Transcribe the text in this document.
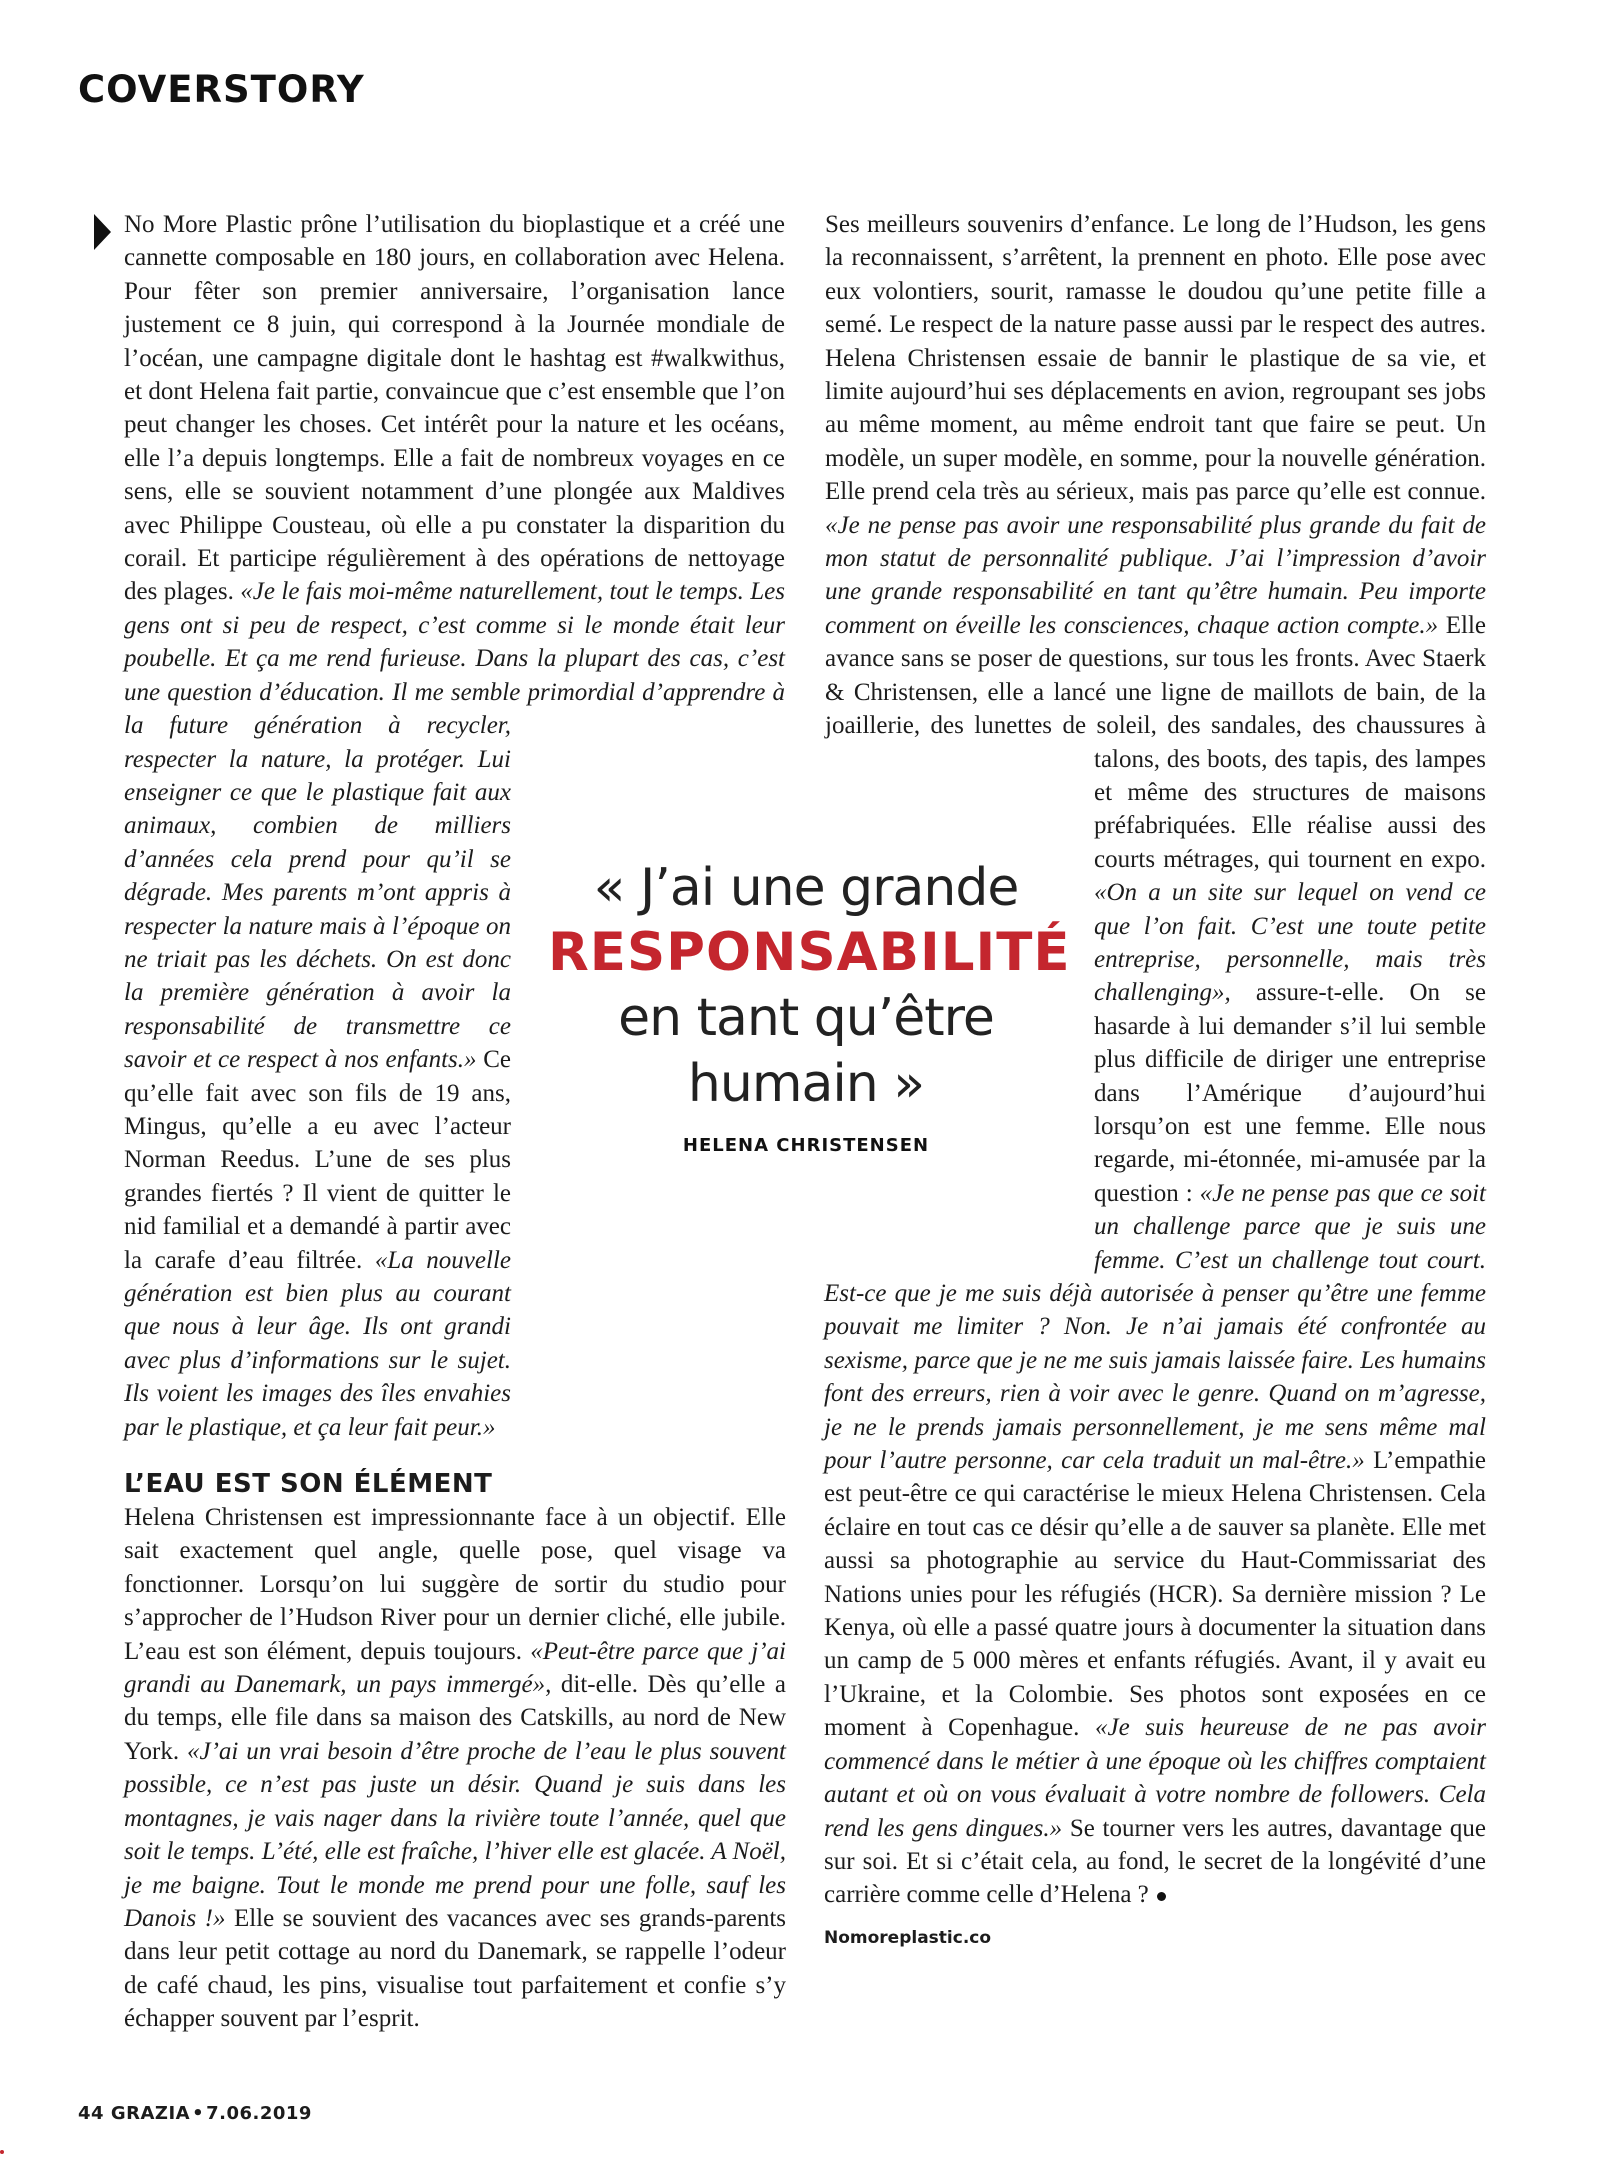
COVERSTORY

No More Plastic prône l’utilisation du bioplastique et a créé une cannette composable en 180 jours, en collaboration avec Helena. Pour fêter son premier anniversaire, l’organisation lance justement ce 8 juin, qui correspond à la Journée mondiale de l’océan, une campagne digitale dont le hashtag est #walkwithus, et dont Helena fait partie, convaincue que c’est ensemble que l’on peut changer les choses. Cet intérêt pour la nature et les océans, elle l’a depuis longtemps. Elle a fait de nombreux voyages en ce sens, elle se souvient notamment d’une plongée aux Maldives avec Philippe Cousteau, où elle a pu constater la disparition du corail. Et participe régulièrement à des opérations de nettoyage des plages. «Je le fais moi-même naturellement, tout le temps. Les gens ont si peu de respect, c’est comme si le monde était leur poubelle. Et ça me rend furieuse. Dans la plupart des cas, c’est une question d’éducation. Il me semble primordial d’apprendre à la future génération à recycler, respecter la nature, la protéger. Lui enseigner ce que le plastique fait aux animaux, combien de milliers d’années cela prend pour qu’il se dégrade. Mes parents m’ont appris à respecter la nature mais à l’époque on ne triait pas les déchets. On est donc la première génération à avoir la responsabilité de transmettre ce savoir et ce respect à nos enfants.» Ce qu’elle fait avec son fils de 19 ans, Mingus, qu’elle a eu avec l’acteur Norman Reedus. L’une de ses plus grandes fiertés ? Il vient de quitter le nid familial et a demandé à partir avec la carafe d’eau filtrée. «La nouvelle génération est bien plus au courant que nous à leur âge. Ils ont grandi avec plus d’informations sur le sujet. Ils voient les images des îles envahies par le plastique, et ça leur fait peur.»

L’EAU EST SON ÉLÉMENT

Helena Christensen est impressionnante face à un objectif. Elle sait exactement quel angle, quelle pose, quel visage va fonctionner. Lorsqu’on lui suggère de sortir du studio pour s’approcher de l’Hudson River pour un dernier cliché, elle jubile. L’eau est son élément, depuis toujours. «Peut-être parce que j’ai grandi au Danemark, un pays immergé», dit-elle. Dès qu’elle a du temps, elle file dans sa maison des Catskills, au nord de New York. «J’ai un vrai besoin d’être proche de l’eau le plus souvent possible, ce n’est pas juste un désir. Quand je suis dans les montagnes, je vais nager dans la rivière toute l’année, quel que soit le temps. L’été, elle est fraîche, l’hiver elle est glacée. A Noël, je me baigne. Tout le monde me prend pour une folle, sauf les Danois !» Elle se souvient des vacances avec ses grands-parents dans leur petit cottage au nord du Danemark, se rappelle l’odeur de café chaud, les pins, visualise tout parfaitement et confie s’y échapper souvent par l’esprit.

Ses meilleurs souvenirs d’enfance. Le long de l’Hudson, les gens la reconnaissent, s’arrêtent, la prennent en photo. Elle pose avec eux volontiers, sourit, ramasse le doudou qu’une petite fille a semé. Le respect de la nature passe aussi par le respect des autres. Helena Christensen essaie de bannir le plastique de sa vie, et limite aujourd’hui ses déplacements en avion, regroupant ses jobs au même moment, au même endroit tant que faire se peut. Un modèle, un super modèle, en somme, pour la nouvelle génération. Elle prend cela très au sérieux, mais pas parce qu’elle est connue. «Je ne pense pas avoir une responsabilité plus grande du fait de mon statut de personnalité publique. J’ai l’impression d’avoir une grande responsabilité en tant qu’être humain. Peu importe comment on éveille les consciences, chaque action compte.» Elle avance sans se poser de questions, sur tous les fronts. Avec Staerk & Christensen, elle a lancé une ligne de maillots de bain, de la joaillerie, des lunettes de soleil, des sandales, des chaussures à talons, des boots, des tapis, des lampes et même des structures de maisons préfabriquées. Elle réalise aussi des courts métrages, qui tournent en expo. «On a un site sur lequel on vend ce que l’on fait. C’est une toute petite entreprise, personnelle, mais très challenging», assure-t-elle. On se hasarde à lui demander s’il lui semble plus difficile de diriger une entreprise dans l’Amérique d’aujourd’hui lorsqu’on est une femme. Elle nous regarde, mi-étonnée, mi-amusée par la question : «Je ne pense pas que ce soit un challenge parce que je suis une femme. C’est un challenge tout court. Est-ce que je me suis déjà autorisée à penser qu’être une femme pouvait me limiter ? Non. Je n’ai jamais été confrontée au sexisme, parce que je ne me suis jamais laissée faire. Les humains font des erreurs, rien à voir avec le genre. Quand on m’agresse, je ne le prends jamais personnellement, je me sens même mal pour l’autre personne, car cela traduit un mal-être.» L’empathie est peut-être ce qui caractérise le mieux Helena Christensen. Cela éclaire en tout cas ce désir qu’elle a de sauver sa planète. Elle met aussi sa photographie au service du Haut-Commissariat des Nations unies pour les réfugiés (HCR). Sa dernière mission ? Le Kenya, où elle a passé quatre jours à documenter la situation dans un camp de 5 000 mères et enfants réfugiés. Avant, il y avait eu l’Ukraine, et la Colombie. Ses photos sont exposées en ce moment à Copenhague. «Je suis heureuse de ne pas avoir commencé dans le métier à une époque où les chiffres comptaient autant et où on vous évaluait à votre nombre de followers. Cela rend les gens dingues.» Se tourner vers les autres, davantage que sur soi. Et si c’était cela, au fond, le secret de la longévité d’une carrière comme celle d’Helena ?

Nomoreplastic.co
« J’ai une grande
RESPONSABILITÉ
en tant qu’être
humain »
HELENA CHRISTENSEN
44 GRAZIA • 7.06.2019
